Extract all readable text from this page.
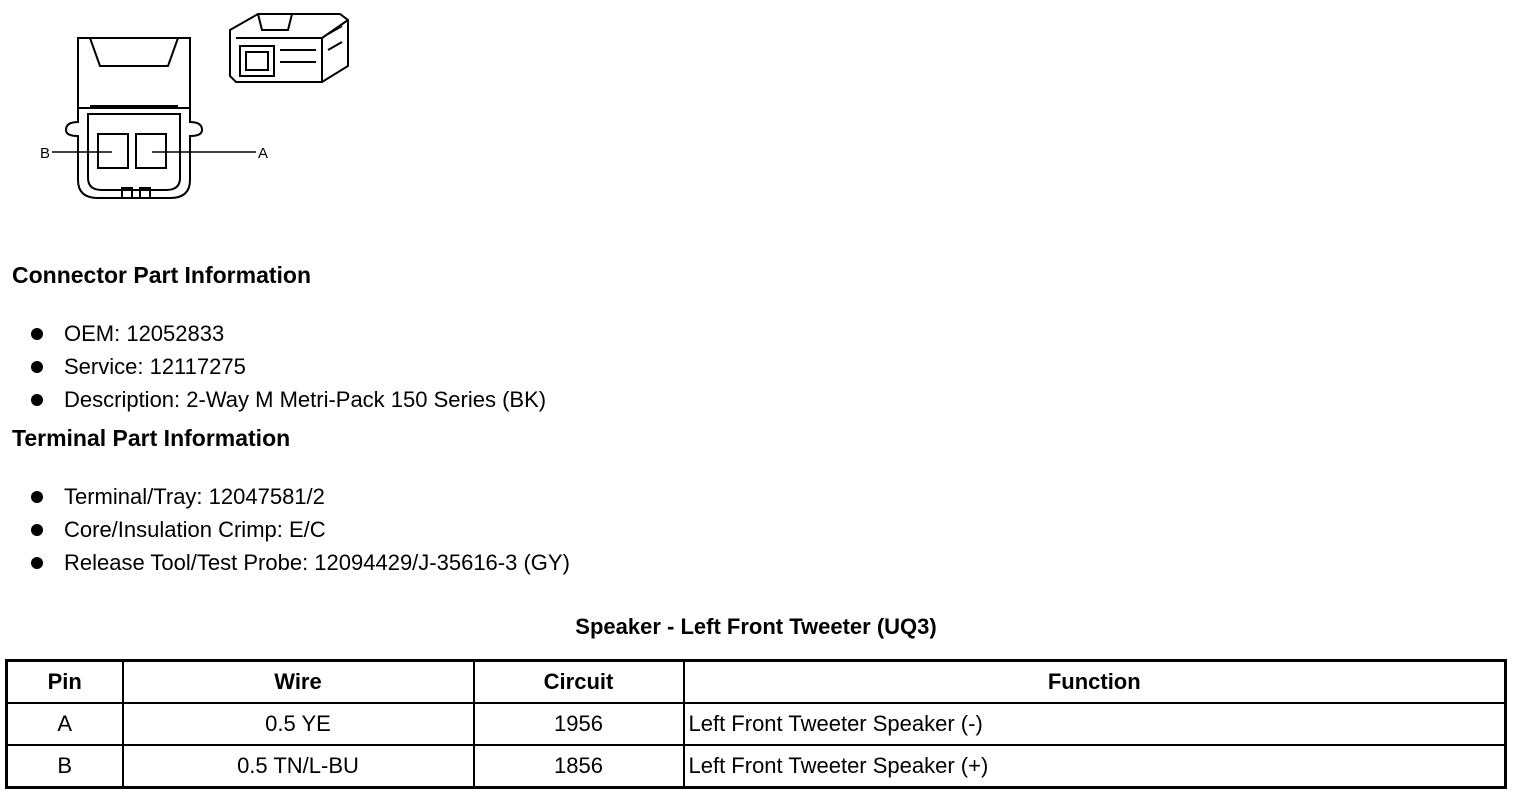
B	A
Connector Part Information
OEM: 12052833
Service: 12117275
Description: 2-Way M Metri-Pack 150 Series (BK)
Terminal Part Information
Terminal/Tray: 12047581/2
Core/Insulation Crimp: E/C
Release Tool/Test Probe: 12094429/J-35616-3 (GY)
Speaker - Left Front Tweeter (UQ3)
Pin	Wire	Circuit	Function
A	0.5 YE	1956	Left Front Tweeter Speaker (-)
B	0.5 TN/L-BU	1856	Left Front Tweeter Speaker (+)
